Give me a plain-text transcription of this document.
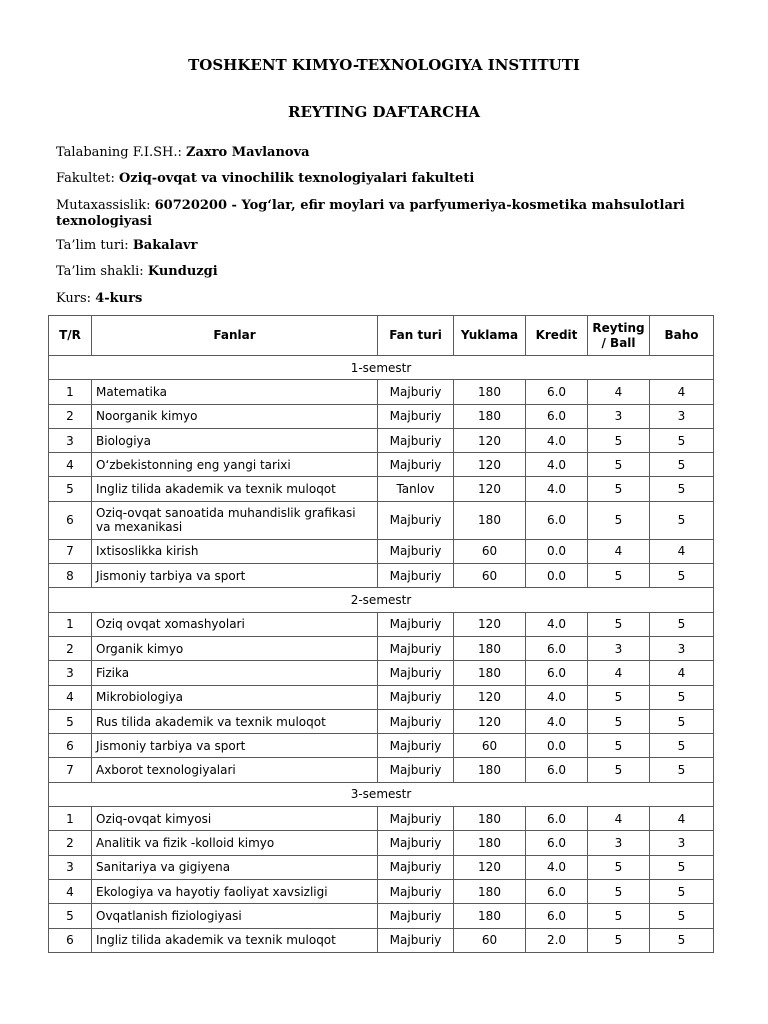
TOSHKENT KIMYO-TEXNOLOGIYA INSTITUTI
REYTING DAFTARCHA

Talabaning F.I.SH.: Zaxro Mavlanova

Fakultet: Oziq-ovqat va vinochilik texnologiyalari fakulteti

Mutaxassislik: 60720200 - Yog‘lar, efir moylari va parfyumeriya-kosmetika mahsulotlari texnologiyasi

Ta’lim turi: Bakalavr

Ta’lim shakli: Kunduzgi

Kurs: 4-kurs

T/R	Fanlar	Fan turi	Yuklama	Kredit	Reyting / Ball	Baho
1-semestr						
1	Matematika	Majburiy	180	6.0	4	4
2	Noorganik kimyo	Majburiy	180	6.0	3	3
3	Biologiya	Majburiy	120	4.0	5	5
4	O‘zbekistonning eng yangi tarixi	Majburiy	120	4.0	5	5
5	Ingliz tilida akademik va texnik muloqot	Tanlov	120	4.0	5	5
6	Oziq-ovqat sanoatida muhandislik grafikasi va mexanikasi	Majburiy	180	6.0	5	5
7	Ixtisoslikka kirish	Majburiy	60	0.0	4	4
8	Jismoniy tarbiya va sport	Majburiy	60	0.0	5	5
2-semestr						
1	Oziq ovqat xomashyolari	Majburiy	120	4.0	5	5
2	Organik kimyo	Majburiy	180	6.0	3	3
3	Fizika	Majburiy	180	6.0	4	4
4	Mikrobiologiya	Majburiy	120	4.0	5	5
5	Rus tilida akademik va texnik muloqot	Majburiy	120	4.0	5	5
6	Jismoniy tarbiya va sport	Majburiy	60	0.0	5	5
7	Axborot texnologiyalari	Majburiy	180	6.0	5	5
3-semestr						
1	Oziq-ovqat kimyosi	Majburiy	180	6.0	4	4
2	Analitik va fizik -kolloid kimyo	Majburiy	180	6.0	3	3
3	Sanitariya va gigiyena	Majburiy	120	4.0	5	5
4	Ekologiya va hayotiy faoliyat xavsizligi	Majburiy	180	6.0	5	5
5	Ovqatlanish fiziologiyasi	Majburiy	180	6.0	5	5
6	Ingliz tilida akademik va texnik muloqot	Majburiy	60	2.0	5	5
